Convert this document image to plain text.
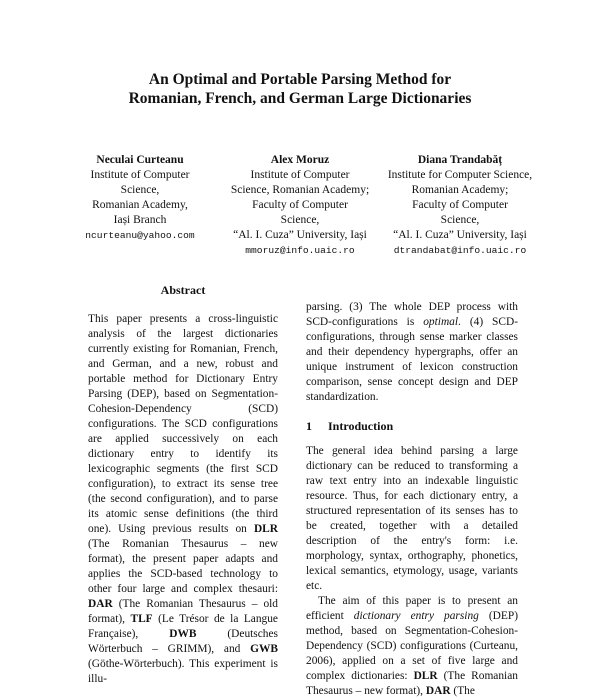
An Optimal and Portable Parsing Method for
Romanian, French, and German Large Dictionaries
Neculai Curteanu
Institute of Computer
Science,
Romanian Academy,
Iași Branch
ncurteanu@yahoo.com
Alex Moruz
Institute of Computer
Science, Romanian Academy;
Faculty of Computer
Science,
“Al. I. Cuza” University, Iași
mmoruz@info.uaic.ro
Diana Trandabăț
Institute for Computer Science,
Romanian Academy;
Faculty of Computer
Science,
“Al. I. Cuza” University, Iași
dtrandabat@info.uaic.ro
Abstract

This paper presents a cross-linguistic analysis of the largest dictionaries currently existing for Romanian, French, and German, and a new, robust and portable method for Dictionary Entry Parsing (DEP), based on Segmentation-Cohesion-Dependency (SCD) configurations. The SCD configurations are applied successively on each dictionary entry to identify its lexicographic segments (the first SCD configuration), to extract its sense tree (the second configuration), and to parse its atomic sense definitions (the third one). Using previous results on DLR (The Romanian Thesaurus – new format), the present paper adapts and applies the SCD-based technology to other four large and complex thesauri: DAR (The Romanian Thesaurus – old format), TLF (Le Trésor de la Langue Française), DWB (Deutsches Wörterbuch – GRIMM), and GWB (Göthe-Wörterbuch). This experiment is illu-

parsing. (3) The whole DEP process with SCD-configurations is optimal. (4) SCD-configurations, through sense marker classes and their dependency hypergraphs, offer an unique instrument of lexicon construction comparison, sense concept design and DEP standardization.

1 Introduction

The general idea behind parsing a large dictionary can be reduced to transforming a raw text entry into an indexable linguistic resource. Thus, for each dictionary entry, a structured representation of its senses has to be created, together with a detailed description of the entry's form: i.e. morphology, syntax, orthography, phonetics, lexical semantics, etymology, usage, variants etc.

The aim of this paper is to present an efficient dictionary entry parsing (DEP) method, based on Segmentation-Cohesion-Dependency (SCD) configurations (Curteanu, 2006), applied on a set of five large and complex dictionaries: DLR (The Romanian Thesaurus – new format), DAR (The
